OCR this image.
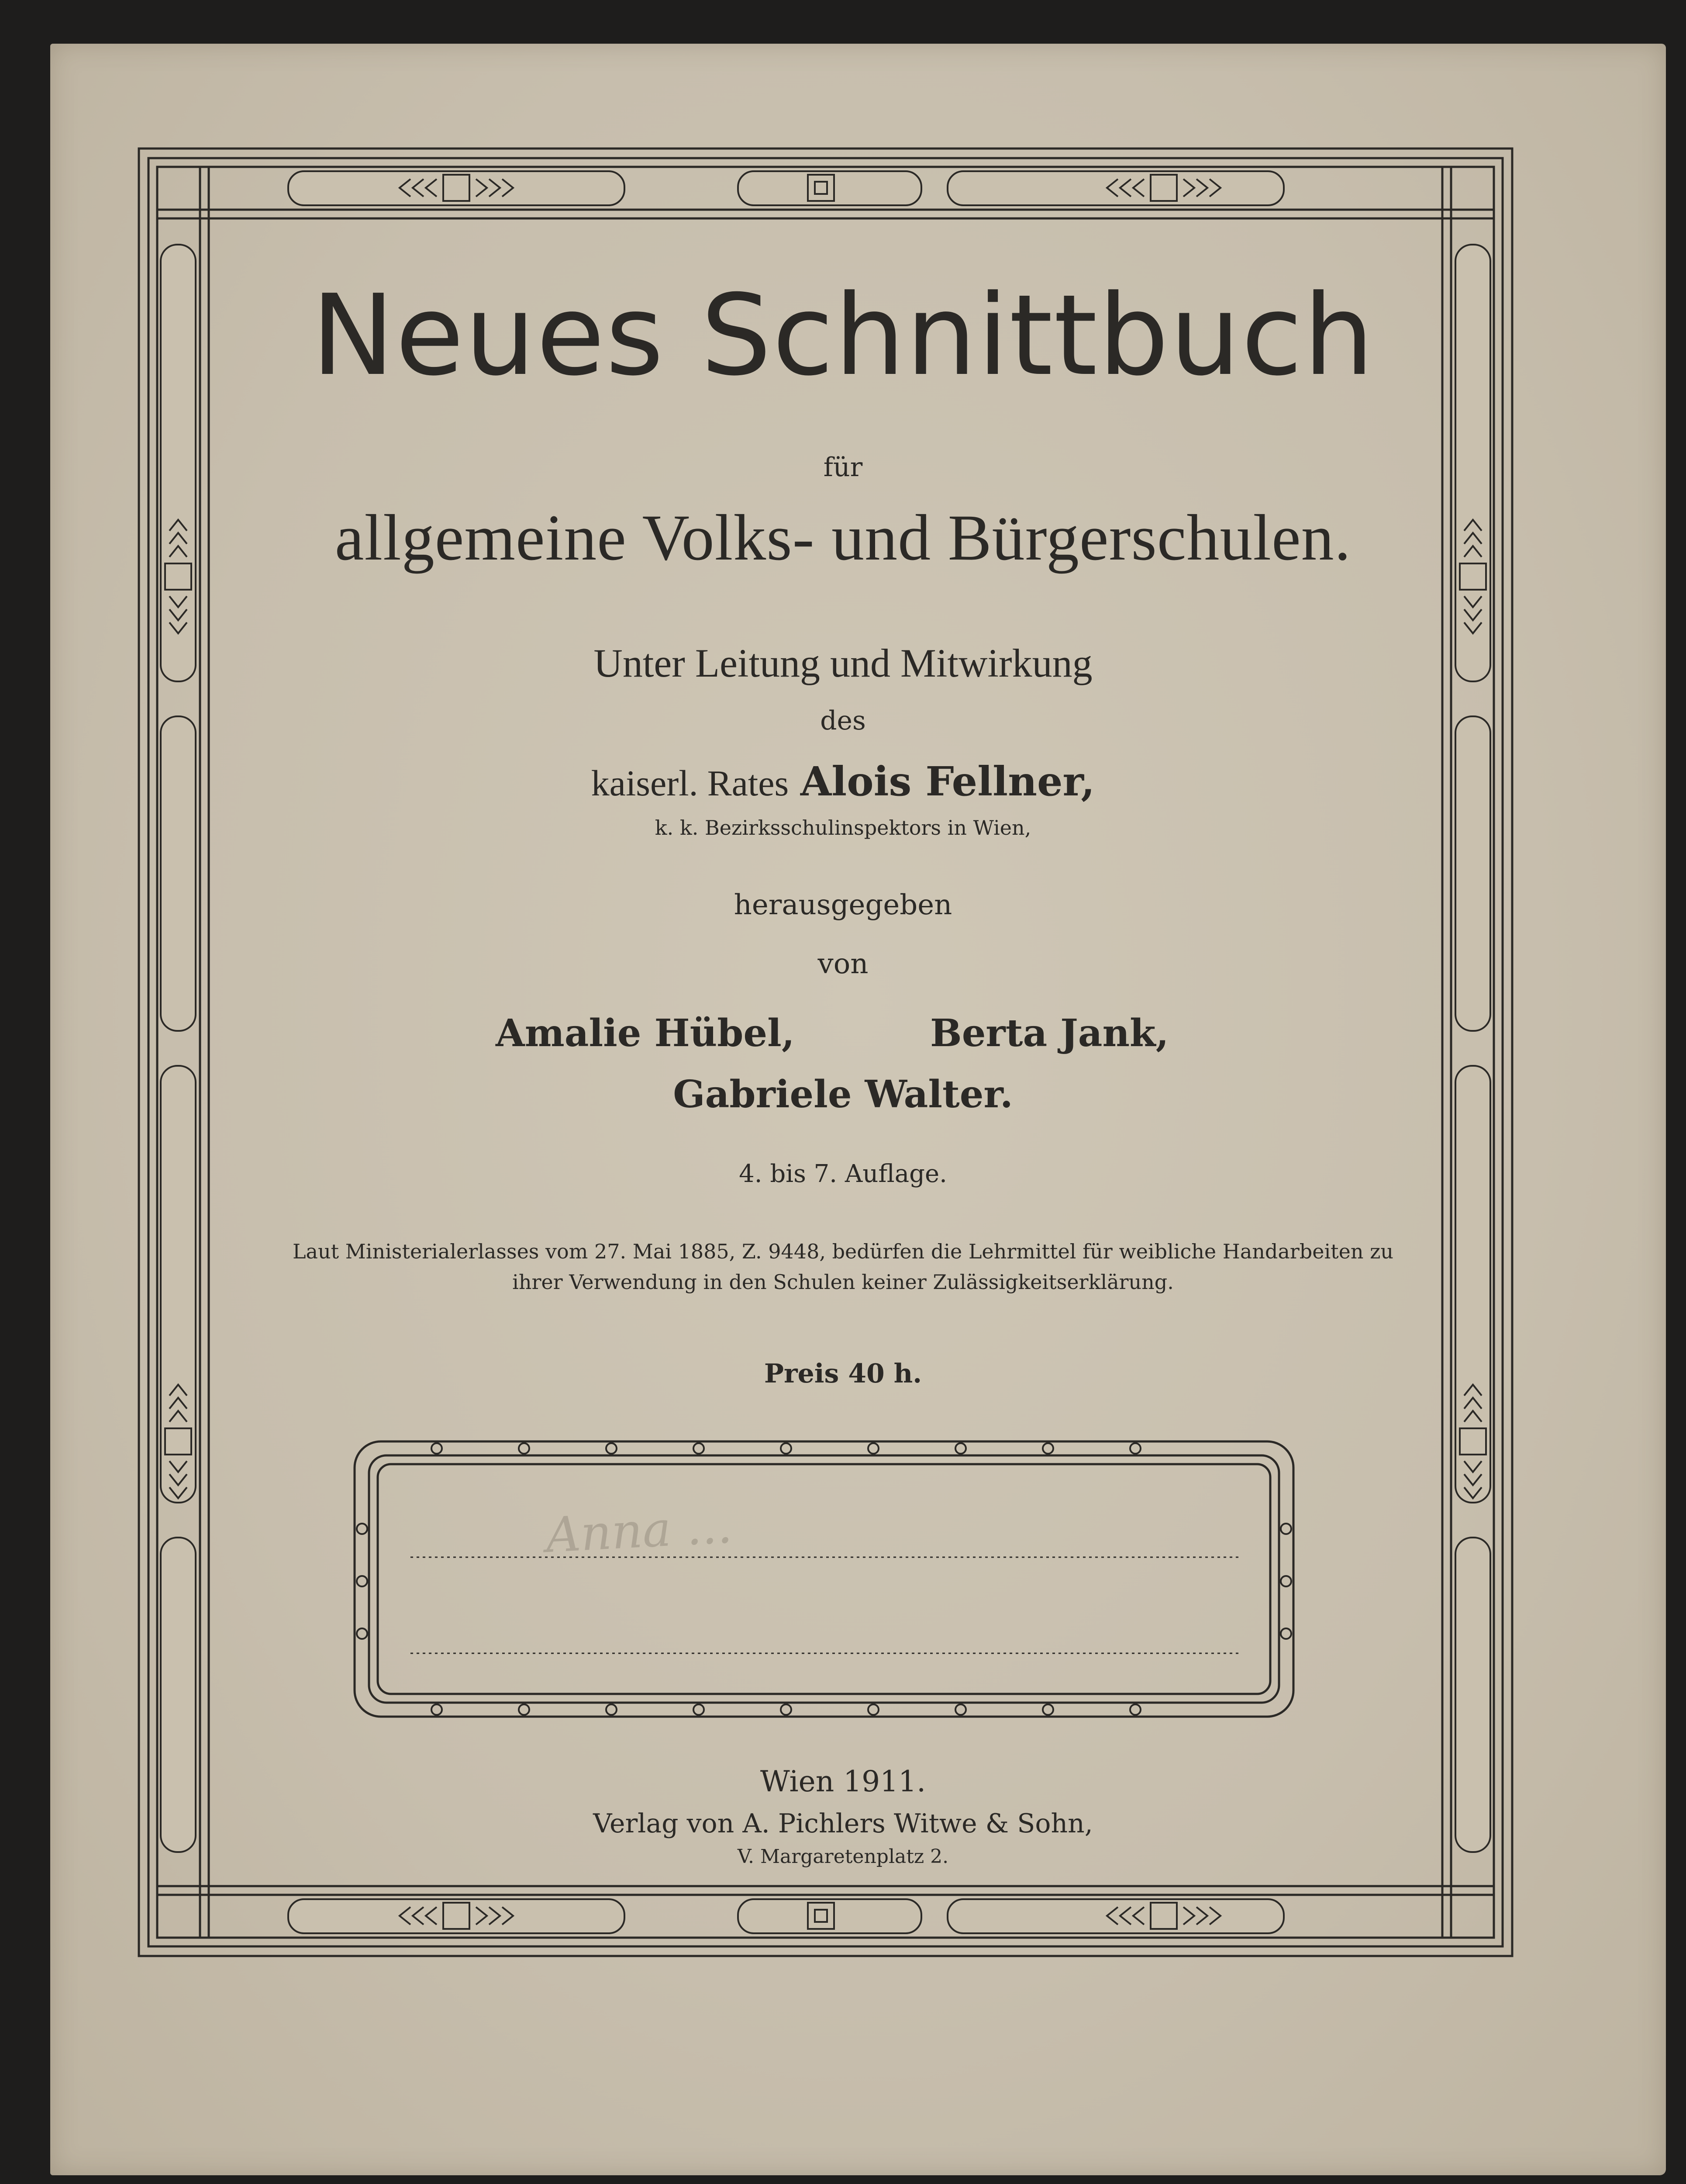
Anna ...

Neues Schnittbuch

für

allgemeine Volks- und Bürgerschulen.

Unter Leitung und Mitwirkung

des

kaiserl. Rates Alois Fellner,

k. k. Bezirksschulinspektors in Wien,

herausgegeben

von

Amalie Hübel,	Berta Jank,

Gabriele Walter.

4. bis 7. Auflage.

Laut Ministerialerlasses vom 27. Mai 1885, Z. 9448, bedürfen die Lehrmittel für weibliche Handarbeiten zu
ihrer Verwendung in den Schulen keiner Zulässigkeitserklärung.

Preis 40 h.

Wien 1911.

Verlag von A. Pichlers Witwe & Sohn,

V. Margaretenplatz 2.
